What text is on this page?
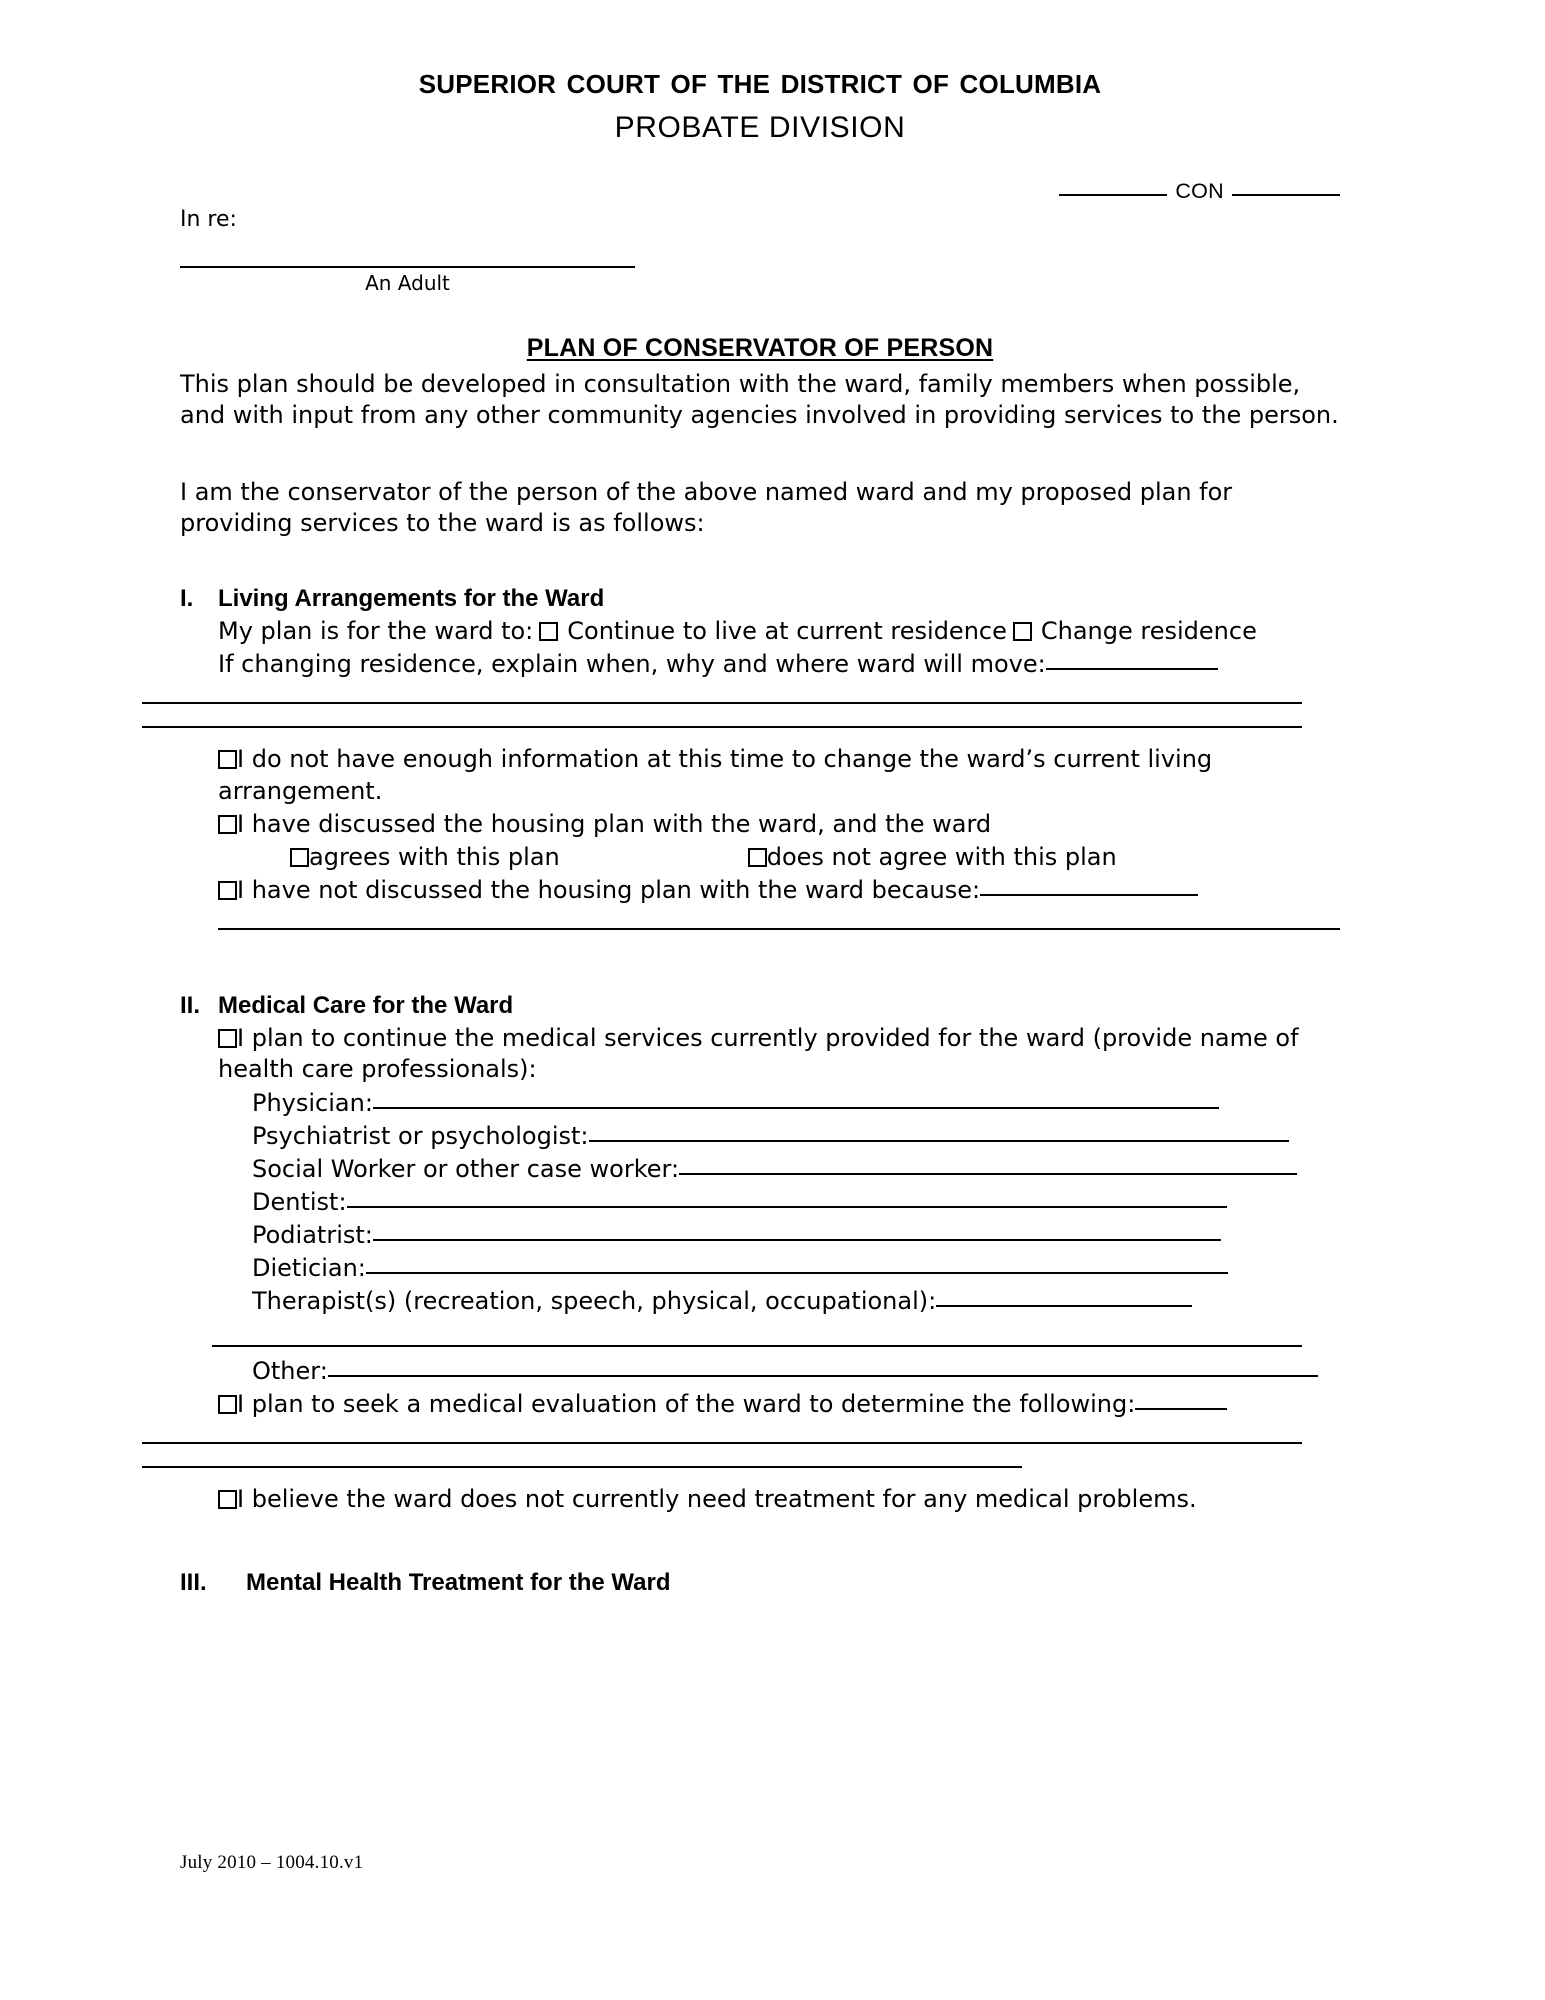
superior court of the district of columbia
PROBATE DIVISION
CON
In re:
An Adult
PLAN OF CONSERVATOR OF PERSON

This plan should be developed in consultation with the ward, family members when possible, and with input from any other community agencies involved in providing services to the person.

I am the conservator of the person of the above named ward and my proposed plan for providing services to the ward is as follows:

I.	Living Arrangements for the Ward
My plan is for the ward to: Continue to live at current residence Change residence
If changing residence, explain when, why and where ward will move:
I do not have enough information at this time to change the ward’s current living arrangement.
I have discussed the housing plan with the ward, and the ward
agrees with this plan	does not agree with this plan
I have not discussed the housing plan with the ward because:
II. Medical Care for the Ward
I plan to continue the medical services currently provided for the ward (provide name of health care professionals):
Physician:
Psychiatrist or psychologist:
Social Worker or other case worker:
Dentist:
Podiatrist:
Dietician:
Therapist(s) (recreation, speech, physical, occupational):
Other:
I plan to seek a medical evaluation of the ward to determine the following:
I believe the ward does not currently need treatment for any medical problems.
III.	Mental Health Treatment for the Ward
July 2010 – 1004.10.v1
